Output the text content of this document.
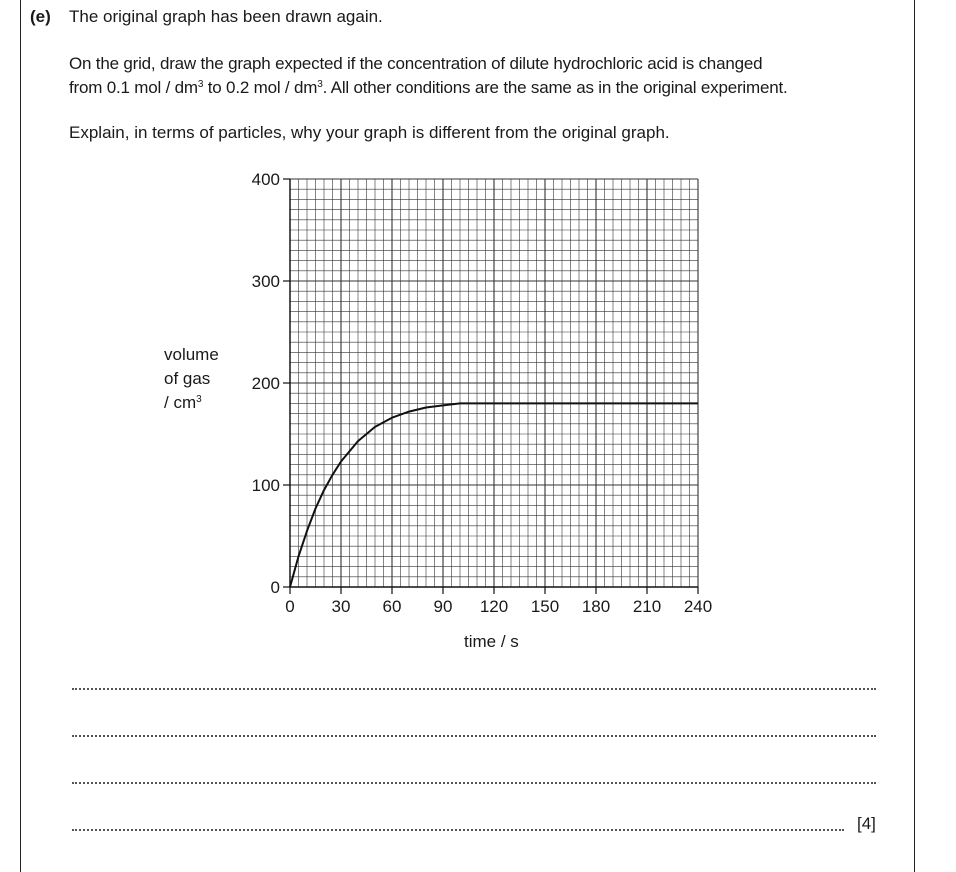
(e) The original graph has been drawn again.
On the grid, draw the graph expected if the concentration of dilute hydrochloric acid is changed
from 0.1 mol / $dm^3$ to 0.2 mol / $dm^3$. All other conditions are the same as in the original experiment.
Explain, in terms of particles, why your graph is different from the original graph.
volume
of gas
/ $cm^3$
0
100
200
300
400
0 30 60 90 120 150 180 210 240
time / s
[4]
